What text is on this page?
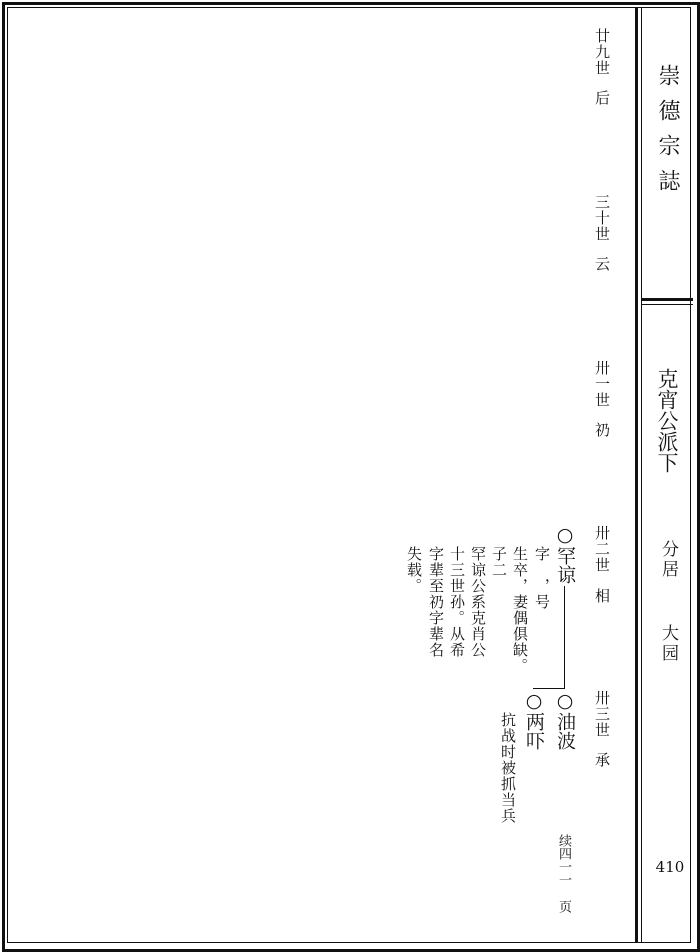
崇德宗誌
克宵公派下
分居
大园
410
廿九世
后
三十世
云
卅一世
礽
卅二世
相
卅三世
承
○罕谅
字　，号
生卒，妻偶俱缺。
子二
罕谅公系克肖公
十三世孙。从希
字辈至礽字辈名
失载。
○油波
○两吓
抗战时被抓当兵
续四一一
页
